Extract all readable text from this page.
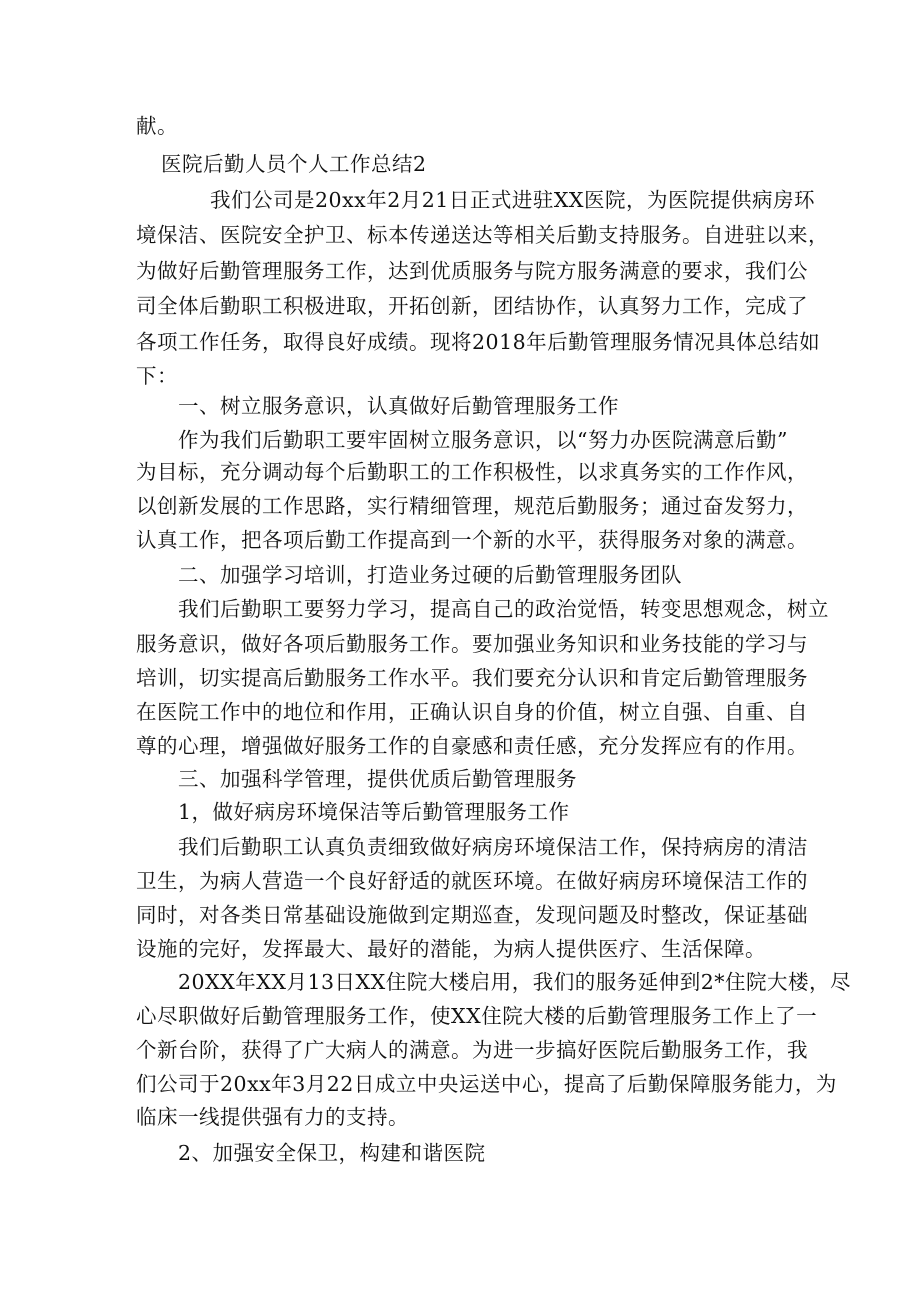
献。
医院后勤人员个人工作总结2
我们公司是20xx年2月21日正式进驻XX医院，为医院提供病房环
境保洁、医院安全护卫、标本传递送达等相关后勤支持服务。自进驻以来，
为做好后勤管理服务工作，达到优质服务与院方服务满意的要求，我们公
司全体后勤职工积极进取，开拓创新，团结协作，认真努力工作，完成了
各项工作任务，取得良好成绩。现将2018年后勤管理服务情况具体总结如
下：
一、树立服务意识，认真做好后勤管理服务工作
作为我们后勤职工要牢固树立服务意识，以“努力办医院满意后勤”
为目标，充分调动每个后勤职工的工作积极性，以求真务实的工作作风，
以创新发展的工作思路，实行精细管理，规范后勤服务；通过奋发努力，
认真工作，把各项后勤工作提高到一个新的水平，获得服务对象的满意。
二、加强学习培训，打造业务过硬的后勤管理服务团队
我们后勤职工要努力学习，提高自己的政治觉悟，转变思想观念，树立
服务意识，做好各项后勤服务工作。要加强业务知识和业务技能的学习与
培训，切实提高后勤服务工作水平。我们要充分认识和肯定后勤管理服务
在医院工作中的地位和作用，正确认识自身的价值，树立自强、自重、自
尊的心理，增强做好服务工作的自豪感和责任感，充分发挥应有的作用。
三、加强科学管理，提供优质后勤管理服务
1，做好病房环境保洁等后勤管理服务工作
我们后勤职工认真负责细致做好病房环境保洁工作，保持病房的清洁
卫生，为病人营造一个良好舒适的就医环境。在做好病房环境保洁工作的
同时，对各类日常基础设施做到定期巡查，发现问题及时整改，保证基础
设施的完好，发挥最大、最好的潜能，为病人提供医疗、生活保障。
20XX年XX月13日XX住院大楼启用，我们的服务延伸到2*住院大楼，尽
心尽职做好后勤管理服务工作，使XX住院大楼的后勤管理服务工作上了一
个新台阶，获得了广大病人的满意。为进一步搞好医院后勤服务工作，我
们公司于20xx年3月22日成立中央运送中心，提高了后勤保障服务能力，为
临床一线提供强有力的支持。
2、加强安全保卫，构建和谐医院
